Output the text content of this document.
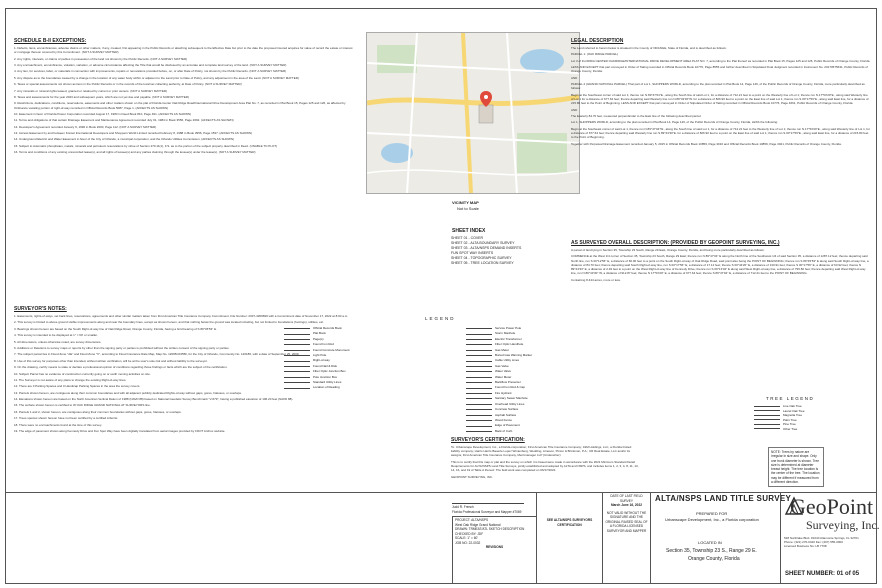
SCHEDULE B-II EXCEPTIONS:

1. Defects, liens, encumbrances, adverse claims or other matters, if any, created, first appearing in the Public Records or attaching subsequent to the Effective Date but prior to the date the proposed insured acquires for value of record the estate or interest or mortgage thereon covered by this Commitment. (NOT A SURVEY MATTER)

2. Any rights, interests, or claims of parties in possession of the land not shown by the Public Records. (NOT A SURVEY MATTER)

3. Any encroachment, encumbrance, violation, variation, or adverse circumstance affecting the Title that would be disclosed by an accurate and complete land survey of the land. (NOT A SURVEY MATTER)

4. Any lien, for services, labor, or materials in connection with improvements, repairs or renovations provided before, on, or after Date of Policy, not shown by the Public Records. (NOT A SURVEY MATTER)

5. Any dispute as to the boundaries caused by a change in the location of any water body within or adjacent to the Land prior to Date of Policy, and any adjustment in the area of the Land. (NOT A SURVEY MATTER)

6. Taxes or special assessments not shown as liens in the Public Records or in the records of the local tax collecting authority, at Date of Policy. (NOT A SURVEY MATTER)

7. Any minerals or mineral rights leased, granted or retained by current or prior owners. (NOT A SURVEY MATTER)

8. Taxes and assessments for the year 2023 and subsequent years, which are not yet due and payable. (NOT A SURVEY MATTER)

9. Restrictions, dedications, conditions, reservations, easements and other matters shown on the plat of Florida Center Oak Ridge Road/International Drive Development Area Plat No. 7, as recorded in Plat Book 15, Pages 125 and 126, as affected by Ordinance vacating portion of right-of-way recorded in Official Records Book 5087, Page 1. (AFFECTS AS SHOWN)

10. Easement in favor of Florida Power Corporation recorded August 17, 1983 in Deed Book 810, Page 491. (AFFECTS AS SHOWN)

11. Terms and obligations of that certain Drainage Easement and Maintenance Agreement recorded July 01, 1984 in Book 3556, Page 2692. (AFFECTS AS SHOWN)

12. Developer's Agreement recorded January 9, 1990 in Book 2000, Page 112. (NOT A SURVEY MATTER)

13. Access Easement by and between Konsel International Developers and Shoppers World Limited recorded February 8, 1988 in Book 3956, Page 1537. (AFFECTS AS SHOWN)

14. Underground Electric and Water Easement in favor of the City of Orlando, a municipal corporation, and the Orlando Utilities Commission. (AFFECTS AS SHOWN)

15. Subject to Automatic phosphates, metals, minerals and petroleum reservations by virtue of Section 270.11(1), F.S. as to the portion of the subject property described in Deed. (UNABLE TO PLOT)

16. Terms and conditions of any existing unrecorded lease(s), and all rights of lessee(s) and any parties claiming through the lessee(s) under the lease(s). (NOT A SURVEY MATTER)

SURVEYOR'S NOTES:

1. Easements, rights-of-ways, set back lines, reservations, agreements and other similar matters taken from First American Title Insurance Company Commitment, File Number: 2037-4369699 with a Commitment date of November 17, 2022 at 8:00 a.m.

2. This survey is limited to above ground visible improvements along and near the boundary lines, except as shown hereon, and that nothing below the ground was located including, but not limited to foundations (footings), utilities, etc.

3. Bearings shown hereon are based on the South Right-of-way line of Oak Ridge Road, Orange County, Florida, having a Grid bearing of S 89°45'53" E.

4. This survey is intended to be displayed at 1" = 60' or smaller.

5. All dimensions, unless otherwise noted, are survey dimensions.

6. Additions or Deletions to survey maps or reports by other than the signing party or parties is prohibited without the written consent of the signing party or parties.

7. The subject parcel lies in Flood Zone "AE" and Flood Zone "X", according to Flood Insurance Rate Map, Map No. 12095C0455F, for the City of Orlando, Community No. 120186, with a date of September 25, 2009.

8. Use of this survey for purposes other than intended, without written verification, will be at the user's sole risk and without liability to the surveyor.

9. On the drawing, certify means to state or declare a professional opinion of conditions regarding those findings or facts which are the subject of the certification.

10. Subject Parcel has no evidence of construction currently going on or earth moving activities on site.

11. The Surveyor is not aware of any plans to change the existing Right-of-way lines.

12. There are 0 Parking Spaces and 0 Handicap Parking Spaces in the area the survey covers.

13. Parcels shown hereon, are contiguous along their common boundaries and with all adjacent publicly dedicated Rights-of-way without gaps, gores, hiatuses, or overlaps.

14. Elevations shown hereon are based on the North American Vertical Datum of 1988 (NAVD 88) based on National Geodetic Survey Benchmark "V-679", having a published elevation of 106.20 feet (NAVD 88).

15. The surface shown hereon is certified to W OAK RIDGE GRAND NATIONAL AT SURVEYORS line.

16. Parcels 1 and 2, shown hereon, are contiguous along their common boundaries without gaps, gores, hiatuses, or overlaps.

17. Trees species shown hereon have not been certified by a certified Arborist.

18. There were no encroachments found at the time of this survey.

19. The edge of pavement shown along Kennedy Drive and Fun Spot Way have been digitally translated from aerial images provided by FDOT ArcFox website.

VICINITY MAP
Not to Scale
SHEET INDEX
SHEET 01 - COVER
SHEET 02 - ALTA BOUNDARY SURVEY
SHEET 03 - ALTA/NSPS DEMAND INSERTS
FUN SPOT WAY INSERTS
SHEET 04 - TOPOGRAPHIC SURVEY
SHEET 05 - TREE LOCATION SURVEY
LEGEND
Official Records Book
Plat Book
Page(s)
Found Iron Rod
Found Concrete Monument
Light Pole
Right-of-way
Found Nail & Disk
Fiber Optic Junction Box
Pole Junction Box
Standard Utility Lines
Location of Reading
Service Power Pole
Storm Manhole
Electric Transformer
Fiber Optic Handhole
Gas Meter
Buried Gas Warning Marker
Cable Utility Lines
Gas Valve
Water Valve
Water Meter
Backflow Preventer
Found Iron Rod & Cap
Fire Hydrant
Sanitary Sewer Manhole
Overhead Utility Lines
Concrete Surface
Asphalt Surface
Wood Fence
Edge of Pavement
Back of Curb
SURVEYOR'S CERTIFICATION:

To: Urbanscape Development, Inc., a Florida corporation; First American Title Insurance Company; J&M Holdings, LLC, a Florida limited liability company; Harris Harris Bauerle Lopez Wintenberg, Wedding, Arneson, Pinion & Brinkman, P.A.; CR Real Estate, LLC and/or its assigns; First American Title Insurance Company, Merrimanager LLP (Underwriter)

This is to certify that this map or plat and the survey on which it is based were made in accordance with the 2021 Minimum Standard Detail Requirements for ALTA/NSPS Land Title Surveys, jointly established and adopted by ALTA and NSPS, and includes items 1, 2, 3, 4, 8, 11, 13, 14, 16, and 19 of Table A thereof. The field work was completed on 06/17/2022.

GEOPOINT SURVEYING, INC.

LEGAL DESCRIPTION

The Land referred to herein below is situated in the County of ORANGE, State of Florida, and is described as follows:

PARCEL 1: (OAK RIDGE PARCEL)

Lot 3 of FLORIDA CENTER OAKRIDGE/INTERNATIONAL DRIVE DEVELOPMENT AREA PLAT NO. 7, according to the Plat thereof as recorded in Plat Book 15, Pages 125 and 126, Public Records of Orange County, Florida.

LESS AND EXCEPT that part conveyed in Order of Taking recorded in Official Records Book 10776, Page 8555 and further described in Stipulated Final Judgment recorded in Instrument No. 20170575631, Public Records of Orange County, Florida.

AND

PARCEL 2 (GRAND NATIONAL PARCEL) That part of Lot 1, SHOPPERS WORLD, according to the plat recorded in Plat Book 14, Page 146, of the Public Records of Orange County, Florida, more particularly described as follows:

Begin at the Southwest corner of said Lot 1; thence run N.89°47'04"E., along the South line of said Lot 1, for a distance of 712.21 feet to a point on the Westerly line of Lot 1; thence run N.17°53'20"E., along said Westerly line of Lot 1 for a distance of 677.64 feet; thence departing said Westerly line run N.89°43'30"W. for a distance of 826.90 feet to a point on the East line of said Lot 1; thence run S.00°17'56"E., along said East line, for a distance of 215.80 feet to the Point of Beginning. LESS AND EXCEPT that part conveyed in Order of Stipulated Order of Taking recorded in Official Records Book 10776, Page 4661, Public Records of Orange County, Florida.

AND

The Easterly 84.70 feet, measured perpendicular to the East line of the following described parcel:

Lot 1, SHOPPERS WORLD, according to the plat recorded in Plat Book 14, Page 146, of the Public Records of Orange County, Florida, LESS the following:

Begin at the Southeast corner of said Lot 1, thence run N.89°47'04"W., along the South line of said Lot 1, for a distance of 712.21 feet to the Westerly line of Lot 1; thence run N.17°53'20"E., along said Westerly line of Lot 1, for a distance of 677.64 feet; thence departing said Westerly line run S.89°43'30"E. for a distance of 826.90 feet to a point on the East line of said Lot 1; thence run S.00°17'56"E., along said East line, for a distance of 215.80 feet to the Point of Beginning.

Together with Perpetual Drainage Easement recorded January 5, 2015 in Official Records Book 10859, Page 3016 and Official Records Book 10859, Page 3021, Public Records of Orange County, Florida.

AS SURVEYED OVERALL DESCRIPTION: (PROVIDED BY GEOPOINT SURVEYING, INC.)

A parcel of land lying in Section 35, Township 23 South, Range 29 East, Orange County, Florida, and being more particularly described as follows:

COMMENCE at the West 1/4 corner of Section 35, Township 23 South, Range 29 East; thence run N 89°47'04" E along the North line of the Southwest 1/4 of said Section 35, a distance of 1287.12 feet; thence departing said North line, run S 00°12'56" E, a distance of 60.00 feet to a point on the South Right-of-way of Oak Ridge Road, said point also being the POINT OF BEGINNING; thence run S 89°45'53" E along said South Right-of-way line, a distance of 84.70 feet; thence departing said South Right-of-way line, run S 00°17'56" E, a distance of 17.12 feet; thence S 00°44'20" E, a distance of 130.91 feet; thence S 00°17'56" E, a distance of 63.92 feet; thence N 89°44'33" E, a distance of 2.49 feet to a point on the West Right-of-way line of Kennedy Drive; thence run S 00°13'04" E along said West Right-of-way line, a distance of 795.82 feet; thence departing said West Right-of-way line, run N 89°43'30" W, a distance of 912.87 feet; thence N 17°53'20" E, a distance of 677.64 feet; thence S 89°47'04" E, a distance of 712.21 feet to the POINT OF BEGINNING.

Containing 8.444 acres, more or less.

TREE LEGEND
Live Oak Tree
Laurel Oak Tree
Magnolia Tree
Palm Tree
Pine Tree
Other Tree
NOTE: Trees by nature are irregular in size and shape. Only one trunk diameter is shown. Tree size is determined at diameter breast height. The tree location is the center of the tree. The location may be different if measured from a different direction.
Judd R. French
Florida Professional Surveyor and Mapper #7069
PROJECT: ALTA/NSPS
West Oak Ridge Grand National
DRAWN: TRMEAT/ATL SKETCH DESCRIPTION
CHECKED BY: JDF
SCALE: 1" = 60'
JOB NO: 22-0032
REVISIONS
SEE ALTA/NSPS SURVEYORS CERTIFICATION
DATE OF LAST FIELD SURVEY
March June 16, 2022
NOT VALID WITHOUT THE SIGNATURE AND THE ORIGINAL RAISED SEAL OF A FLORIDA LICENSED SURVEYOR AND MAPPER
ALTA/NSPS LAND TITLE SURVEY
PREPARED FOR
Urbanscape Development, Inc., a Florida corporation
LOCATED IN
Section 35, Township 23 S., Range 29 E.
Orange County, Florida
GeoPoint
Surveying, Inc.
528 Northlake Blvd. #1040 Altamonte Springs, FL 32701
Phone: (321) 270-0440 Fax: (407) 555-0000
Licensed Business No: LB 7768
SHEET NUMBER: 01 of 05
